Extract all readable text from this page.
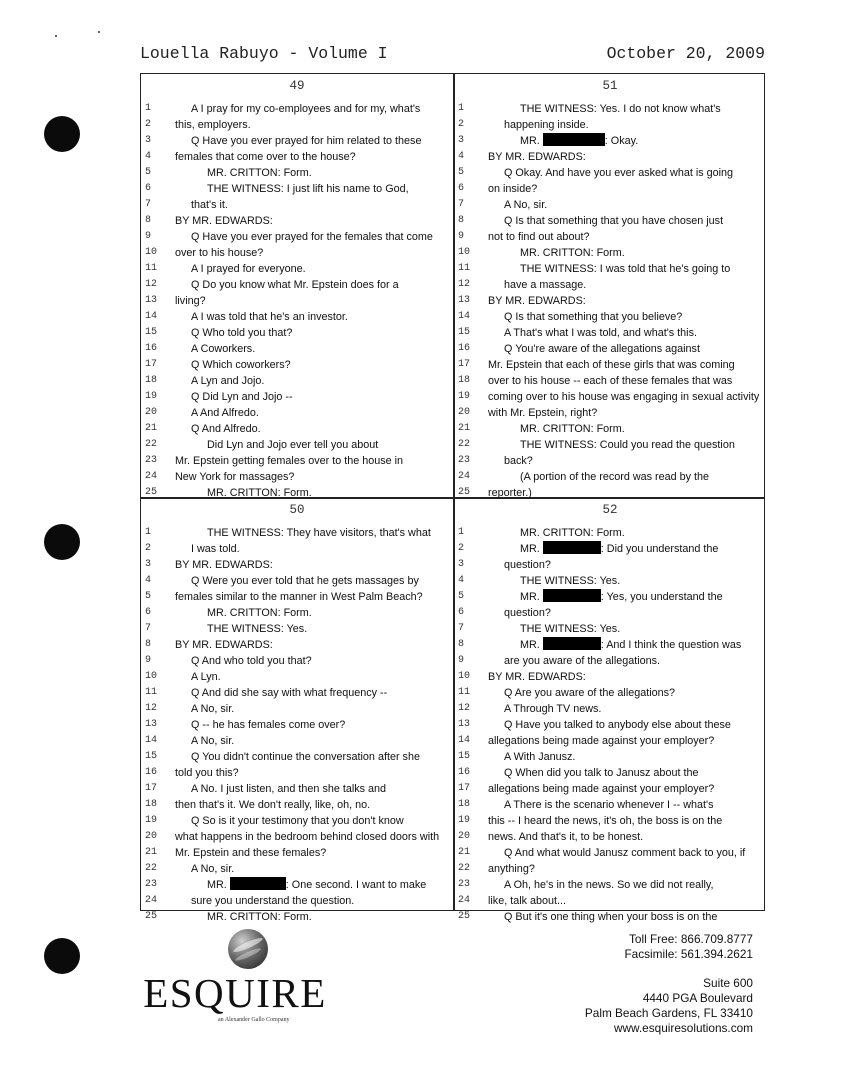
Louella Rabuyo - Volume I	October 20, 2009
49
1	A I pray for my co-employees and for my, what's
2	this, employers.
3	Q Have you ever prayed for him related to these
4	females that come over to the house?
5	MR. CRITTON: Form.
6	THE WITNESS: I just lift his name to God,
7	that's it.
8	BY MR. EDWARDS:
9	Q Have you ever prayed for the females that come
10	over to his house?
11	A I prayed for everyone.
12	Q Do you know what Mr. Epstein does for a
13	living?
14	A I was told that he's an investor.
15	Q Who told you that?
16	A Coworkers.
17	Q Which coworkers?
18	A Lyn and Jojo.
19	Q Did Lyn and Jojo --
20	A And Alfredo.
21	Q And Alfredo.
22	Did Lyn and Jojo ever tell you about
23	Mr. Epstein getting females over to the house in
24	New York for massages?
25	MR. CRITTON: Form.
51
1	THE WITNESS: Yes. I do not know what's
2	happening inside.
3	MR.	: Okay.
4	BY MR. EDWARDS:
5	Q Okay. And have you ever asked what is going
6	on inside?
7	A No, sir.
8	Q Is that something that you have chosen just
9	not to find out about?
10	MR. CRITTON: Form.
11	THE WITNESS: I was told that he's going to
12	have a massage.
13	BY MR. EDWARDS:
14	Q Is that something that you believe?
15	A That's what I was told, and what's this.
16	Q You're aware of the allegations against
17	Mr. Epstein that each of these girls that was coming
18	over to his house -- each of these females that was
19	coming over to his house was engaging in sexual activity
20	with Mr. Epstein, right?
21	MR. CRITTON: Form.
22	THE WITNESS: Could you read the question
23	back?
24	(A portion of the record was read by the
25	reporter.)
50
1	THE WITNESS: They have visitors, that's what
2	I was told.
3	BY MR. EDWARDS:
4	Q Were you ever told that he gets massages by
5	females similar to the manner in West Palm Beach?
6	MR. CRITTON: Form.
7	THE WITNESS: Yes.
8	BY MR. EDWARDS:
9	Q And who told you that?
10	A Lyn.
11	Q And did she say with what frequency --
12	A No, sir.
13	Q -- he has females come over?
14	A No, sir.
15	Q You didn't continue the conversation after she
16	told you this?
17	A No. I just listen, and then she talks and
18	then that's it. We don't really, like, oh, no.
19	Q So is it your testimony that you don't know
20	what happens in the bedroom behind closed doors with
21	Mr. Epstein and these females?
22	A No, sir.
23	MR.	: One second. I want to make
24	sure you understand the question.
25	MR. CRITTON: Form.
52
1	MR. CRITTON: Form.
2	MR.	: Did you understand the
3	question?
4	THE WITNESS: Yes.
5	MR.	: Yes, you understand the
6	question?
7	THE WITNESS: Yes.
8	MR.	: And I think the question was
9	are you aware of the allegations.
10	BY MR. EDWARDS:
11	Q Are you aware of the allegations?
12	A Through TV news.
13	Q Have you talked to anybody else about these
14	allegations being made against your employer?
15	A With Janusz.
16	Q When did you talk to Janusz about the
17	allegations being made against your employer?
18	A There is the scenario whenever I -- what's
19	this -- I heard the news, it's oh, the boss is on the
20	news. And that's it, to be honest.
21	Q And what would Janusz comment back to you, if
22	anything?
23	A Oh, he's in the news. So we did not really,
24	like, talk about...
25	Q But it's one thing when your boss is on the
ESQUIRE
an Alexander Gallo Company
Toll Free: 866.709.8777
Facsimile: 561.394.2621
Suite 600
4440 PGA Boulevard
Palm Beach Gardens, FL 33410
www.esquiresolutions.com
